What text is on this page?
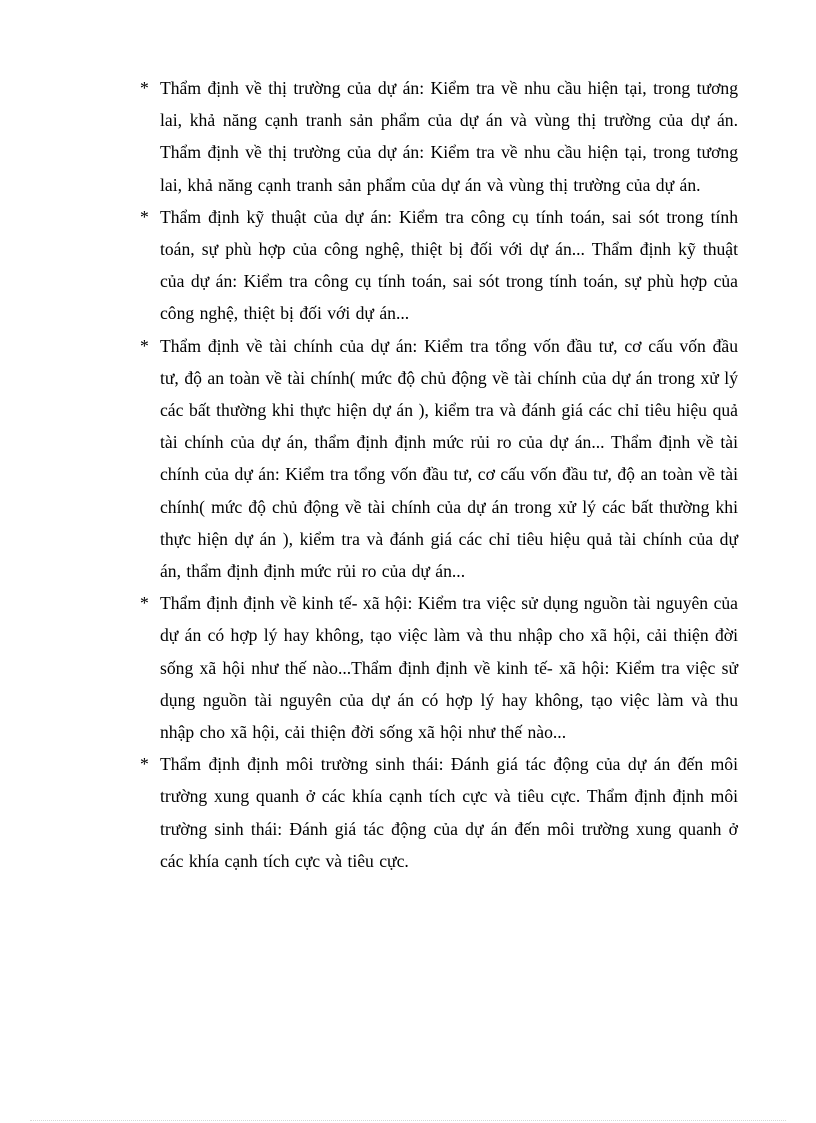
* Thẩm định về thị trường của dự án: Kiểm tra về nhu cầu hiện tại, trong tương lai, khả năng cạnh tranh sản phẩm của dự án và vùng thị trường của dự án. Thẩm định về thị trường của dự án: Kiểm tra về nhu cầu hiện tại, trong tương lai, khả năng cạnh tranh sản phẩm của dự án và vùng thị trường của dự án.
* Thẩm định kỹ thuật của dự án: Kiểm tra công cụ tính toán, sai sót trong tính toán, sự phù hợp của công nghệ, thiệt bị đối với dự án... Thẩm định kỹ thuật của dự án: Kiểm tra công cụ tính toán, sai sót trong tính toán, sự phù hợp của công nghệ, thiệt bị đối với dự án...
* Thẩm định về tài chính của dự án: Kiểm tra tổng vốn đầu tư, cơ cấu vốn đầu tư, độ an toàn về tài chính( mức độ chủ động về tài chính của dự án trong xử lý các bất thường khi thực hiện dự án ), kiểm tra và đánh giá các chỉ tiêu hiệu quả tài chính của dự án, thẩm định định mức rủi ro của dự án... Thẩm định về tài chính của dự án: Kiểm tra tổng vốn đầu tư, cơ cấu vốn đầu tư, độ an toàn về tài chính( mức độ chủ động về tài chính của dự án trong xử lý các bất thường khi thực hiện dự án ), kiểm tra và đánh giá các chỉ tiêu hiệu quả tài chính của dự án, thẩm định định mức rủi ro của dự án...
* Thẩm định định về kinh tế- xã hội: Kiểm tra việc sử dụng nguồn tài nguyên của dự án có hợp lý hay không, tạo việc làm và thu nhập cho xã hội, cải thiện đời sống xã hội như thế nào...Thẩm định định về kinh tế- xã hội: Kiểm tra việc sử dụng nguồn tài nguyên của dự án có hợp lý hay không, tạo việc làm và thu nhập cho xã hội, cải thiện đời sống xã hội như thế nào...
* Thẩm định định môi trường sinh thái: Đánh giá tác động của dự án đến môi trường xung quanh ở các khía cạnh tích cực và tiêu cực. Thẩm định định môi trường sinh thái: Đánh giá tác động của dự án đến môi trường xung quanh ở các khía cạnh tích cực và tiêu cực.
